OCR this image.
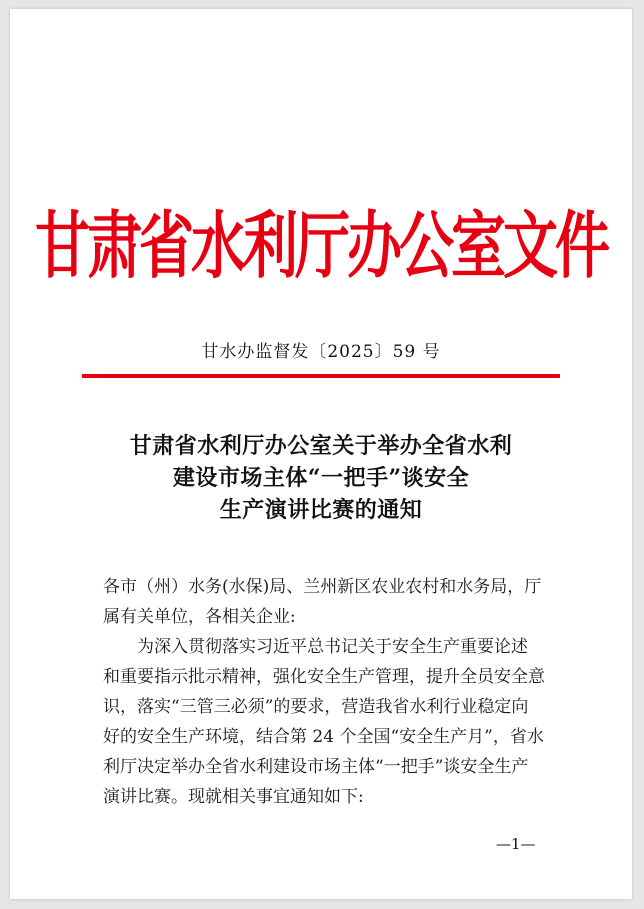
甘肃省水利厅办公室文件
甘水办监督发〔2025〕59 号
甘肃省水利厅办公室关于举办全省水利
建设市场主体“一把手”谈安全
生产演讲比赛的通知
各市（州）水务(水保)局、兰州新区农业农村和水务局，厅
属有关单位，各相关企业:
为深入贯彻落实习近平总书记关于安全生产重要论述
和重要指示批示精神，强化安全生产管理，提升全员安全意
识，落实“三管三必须”的要求，营造我省水利行业稳定向
好的安全生产环境，结合第 24 个全国“安全生产月”，省水
利厅决定举办全省水利建设市场主体“一把手”谈安全生产
演讲比赛。现就相关事宜通知如下:
—1—
